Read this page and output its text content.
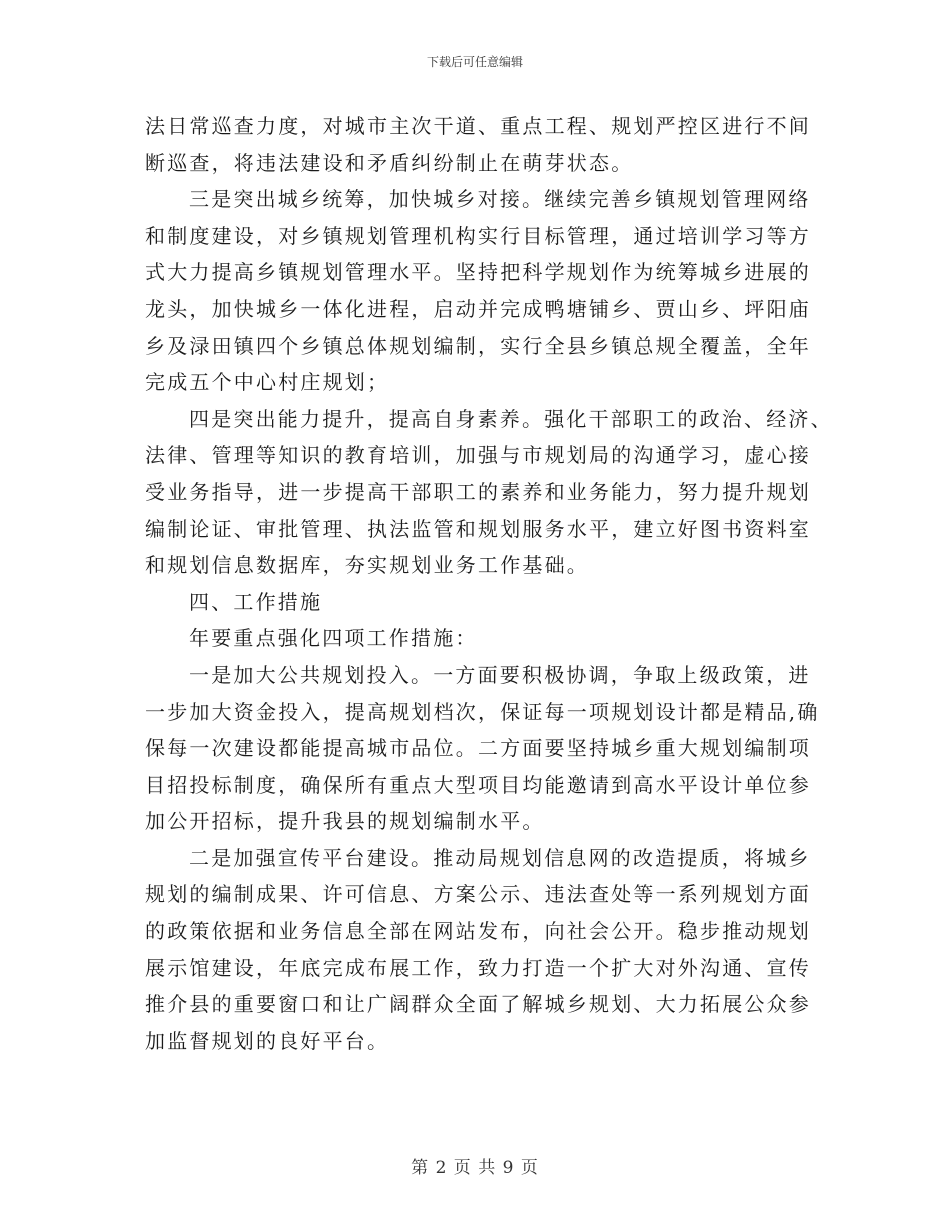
下载后可任意编辑
法日常巡查力度，对城市主次干道、重点工程、规划严控区进行不间
断巡查，将违法建设和矛盾纠纷制止在萌芽状态。
三是突出城乡统筹，加快城乡对接。继续完善乡镇规划管理网络
和制度建设，对乡镇规划管理机构实行目标管理，通过培训学习等方
式大力提高乡镇规划管理水平。坚持把科学规划作为统筹城乡进展的
龙头，加快城乡一体化进程，启动并完成鸭塘铺乡、贾山乡、坪阳庙
乡及渌田镇四个乡镇总体规划编制，实行全县乡镇总规全覆盖，全年
完成五个中心村庄规划；
四是突出能力提升，提高自身素养。强化干部职工的政治、经济、
法律、管理等知识的教育培训，加强与市规划局的沟通学习，虚心接
受业务指导，进一步提高干部职工的素养和业务能力，努力提升规划
编制论证、审批管理、执法监管和规划服务水平，建立好图书资料室
和规划信息数据库，夯实规划业务工作基础。
四、工作措施
年要重点强化四项工作措施：
一是加大公共规划投入。一方面要积极协调，争取上级政策，进
一步加大资金投入，提高规划档次，保证每一项规划设计都是精品,确
保每一次建设都能提高城市品位。二方面要坚持城乡重大规划编制项
目招投标制度，确保所有重点大型项目均能邀请到高水平设计单位参
加公开招标，提升我县的规划编制水平。
二是加强宣传平台建设。推动局规划信息网的改造提质，将城乡
规划的编制成果、许可信息、方案公示、违法查处等一系列规划方面
的政策依据和业务信息全部在网站发布，向社会公开。稳步推动规划
展示馆建设，年底完成布展工作，致力打造一个扩大对外沟通、宣传
推介县的重要窗口和让广阔群众全面了解城乡规划、大力拓展公众参
加监督规划的良好平台。
第 2 页 共 9 页
